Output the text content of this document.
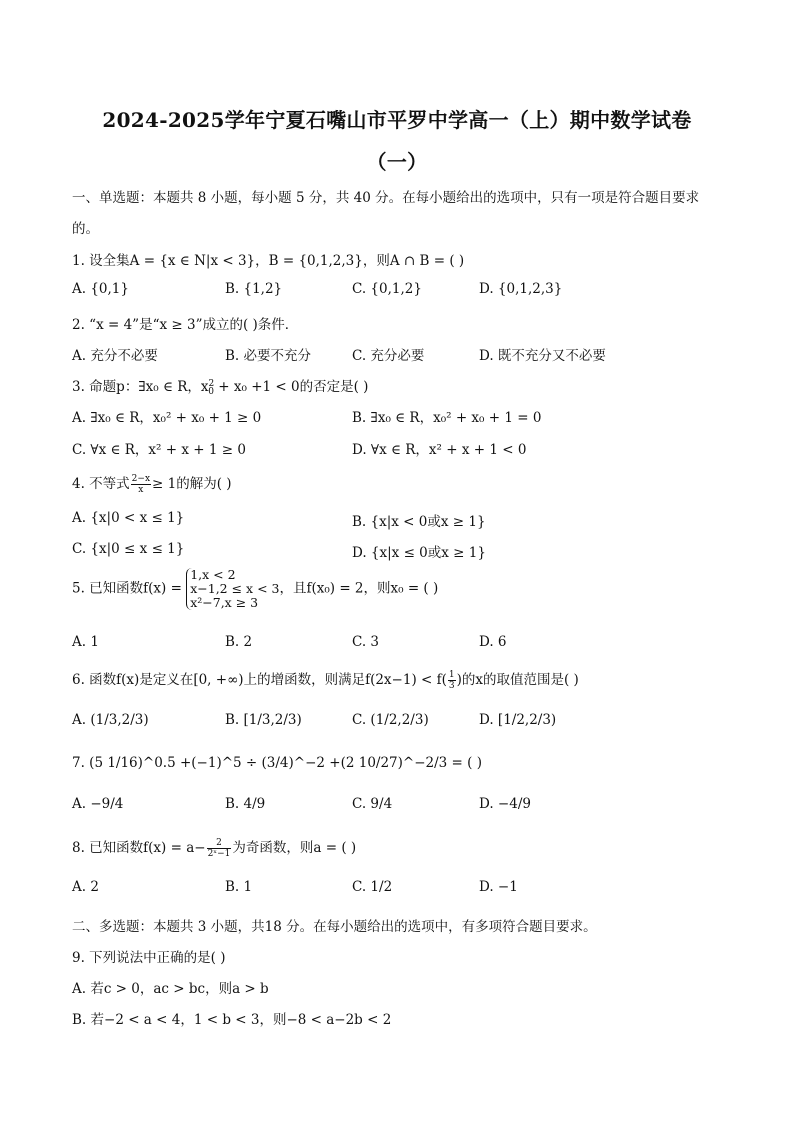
2024-2025学年宁夏石嘴山市平罗中学高一（上）期中数学试卷
（一）
一、单选题：本题共 8 小题，每小题 5 分，共 40 分。在每小题给出的选项中，只有一项是符合题目要求
的。
1. 设全集A = {x ∈ N|x < 3}，B = {0,1,2,3}，则A ∩ B = ( )
A. {0,1}	B. {1,2}	C. {0,1,2}	D. {0,1,2,3}
2. “x = 4”是“x ≥ 3”成立的( )条件．
A. 充分不必要	B. 必要不充分	C. 充分必要	D. 既不充分又不必要
3. 命题p：∃x₀ ∈ R，$x^2_0 + x_0 +1 < 0$的否定是( )
A. ∃x₀ ∈ R，x₀² + x₀ + 1 ≥ 0	B. ∃x₀ ∈ R，x₀² + x₀ + 1 = 0
C. ∀x ∈ R，x² + x + 1 ≥ 0	D. ∀x ∈ R，x² + x + 1 < 0
4. 不等式 $\frac{2-x}{x} \ge 1$的解为( )
A. {x|0 < x ≤ 1}	B. {x|x < 0或x ≥ 1}
C. {x|0 ≤ x ≤ 1}	D. {x|x ≤ 0或x ≥ 1}
5. 已知函数f(x) =
1,x < 2
x−1,2 ≤ x < 3
x²−7,x ≥ 3
，且f(x₀) = 2，则x₀ = ( )
A. 1	B. 2	C. 3	D. 6
6. 函数f(x)是定义在[0, +∞)上的增函数，则满足$f(2x-1) < f( \frac{1}{3}$ )的x的取值范围是( )
A. (1/3,2/3)	B. [1/3,2/3)	C. (1/2,2/3)	D. [1/2,2/3)
7. (5 1/16)^0.5 +(−1)^5 ÷ (3/4)^−2 +(2 10/27)^−2/3 = ( )
A. −9/4	B. 4/9	C. 9/4	D. −4/9
8. 已知函数$f(x) = a- \frac{2}{\text{2ˣ−1}}$ 为奇函数，则a = ( )
A. 2	B. 1	C. 1/2	D. −1
二、多选题：本题共 3 小题，共18 分。在每小题给出的选项中，有多项符合题目要求。
9. 下列说法中正确的是( )
A. 若c > 0，ac > bc，则a > b
B. 若−2 < a < 4，1 < b < 3，则−8 < a−2b < 2
